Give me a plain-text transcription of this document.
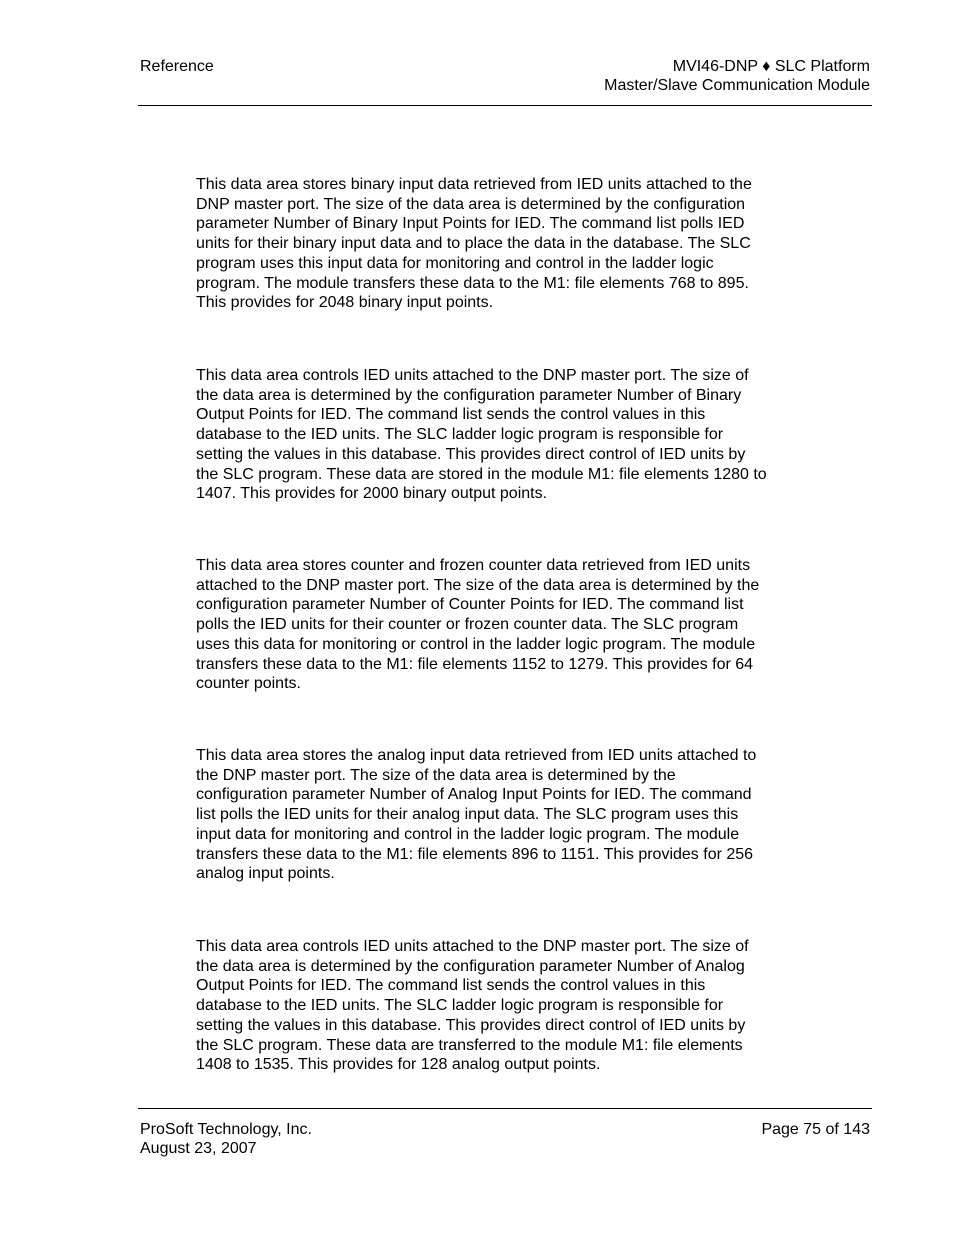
Reference	MVI46-DNP ♦ SLC Platform
Master/Slave Communication Module

This data area stores binary input data retrieved from IED units attached to the
DNP master port. The size of the data area is determined by the configuration
parameter Number of Binary Input Points for IED. The command list polls IED
units for their binary input data and to place the data in the database. The SLC
program uses this input data for monitoring and control in the ladder logic
program. The module transfers these data to the M1: file elements 768 to 895.
This provides for 2048 binary input points.

This data area controls IED units attached to the DNP master port. The size of
the data area is determined by the configuration parameter Number of Binary
Output Points for IED. The command list sends the control values in this
database to the IED units. The SLC ladder logic program is responsible for
setting the values in this database. This provides direct control of IED units by
the SLC program. These data are stored in the module M1: file elements 1280 to
1407. This provides for 2000 binary output points.

This data area stores counter and frozen counter data retrieved from IED units
attached to the DNP master port. The size of the data area is determined by the
configuration parameter Number of Counter Points for IED. The command list
polls the IED units for their counter or frozen counter data. The SLC program
uses this data for monitoring or control in the ladder logic program. The module
transfers these data to the M1: file elements 1152 to 1279. This provides for 64
counter points.

This data area stores the analog input data retrieved from IED units attached to
the DNP master port. The size of the data area is determined by the
configuration parameter Number of Analog Input Points for IED. The command
list polls the IED units for their analog input data. The SLC program uses this
input data for monitoring and control in the ladder logic program. The module
transfers these data to the M1: file elements 896 to 1151. This provides for 256
analog input points.

This data area controls IED units attached to the DNP master port. The size of
the data area is determined by the configuration parameter Number of Analog
Output Points for IED. The command list sends the control values in this
database to the IED units. The SLC ladder logic program is responsible for
setting the values in this database. This provides direct control of IED units by
the SLC program. These data are transferred to the module M1: file elements
1408 to 1535. This provides for 128 analog output points.

ProSoft Technology, Inc.
August 23, 2007
Page 75 of 143
